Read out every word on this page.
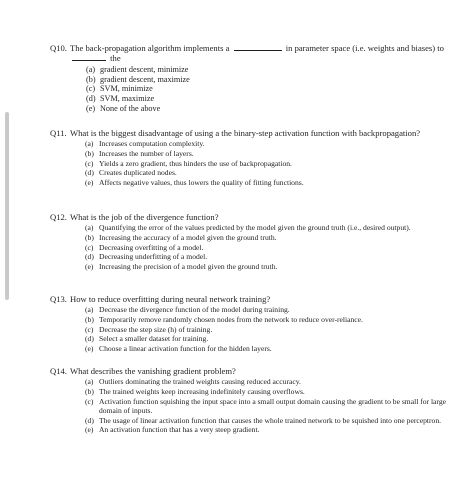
Q10. The back-propagation algorithm implements a	in parameter space (i.e. weights and biases) to  the
(a) gradient descent, minimize
(b) gradient descent, maximize
(c) SVM, minimize
(d) SVM, maximize
(e) None of the above
Q11. What is the biggest disadvantage of using a the binary-step activation function with backpropagation?
(a) Increases computation complexity.
(b) Increases the number of layers.
(c) Yields a zero gradient, thus hinders the use of backpropagation.
(d) Creates duplicated nodes.
(e) Affects negative values, thus lowers the quality of fitting functions.
Q12. What is the job of the divergence function?
(a) Quantifying the error of the values predicted by the model given the ground truth (i.e., desired output).
(b) Increasing the accuracy of a model given the ground truth.
(c) Decreasing overfitting of a model.
(d) Decreasing underfitting of a model.
(e) Increasing the precision of a model given the ground truth.
Q13. How to reduce overfitting during neural network training?
(a) Decrease the divergence function of the model during training.
(b) Temporarily remove randomly chosen nodes from the network to reduce over-reliance.
(c) Decrease the step size (h) of training.
(d) Select a smaller dataset for training.
(e) Choose a linear activation function for the hidden layers.
Q14. What describes the vanishing gradient problem?
(a) Outliers dominating the trained weights causing reduced accuracy.
(b) The trained weights keep increasing indefinitely causing overflows.
(c) Activation function squishing the input space into a small output domain causing the gradient to be small for large domain of inputs.
(d) The usage of linear activation function that causes the whole trained network to be squished into one perceptron.
(e) An activation function that has a very steep gradient.
